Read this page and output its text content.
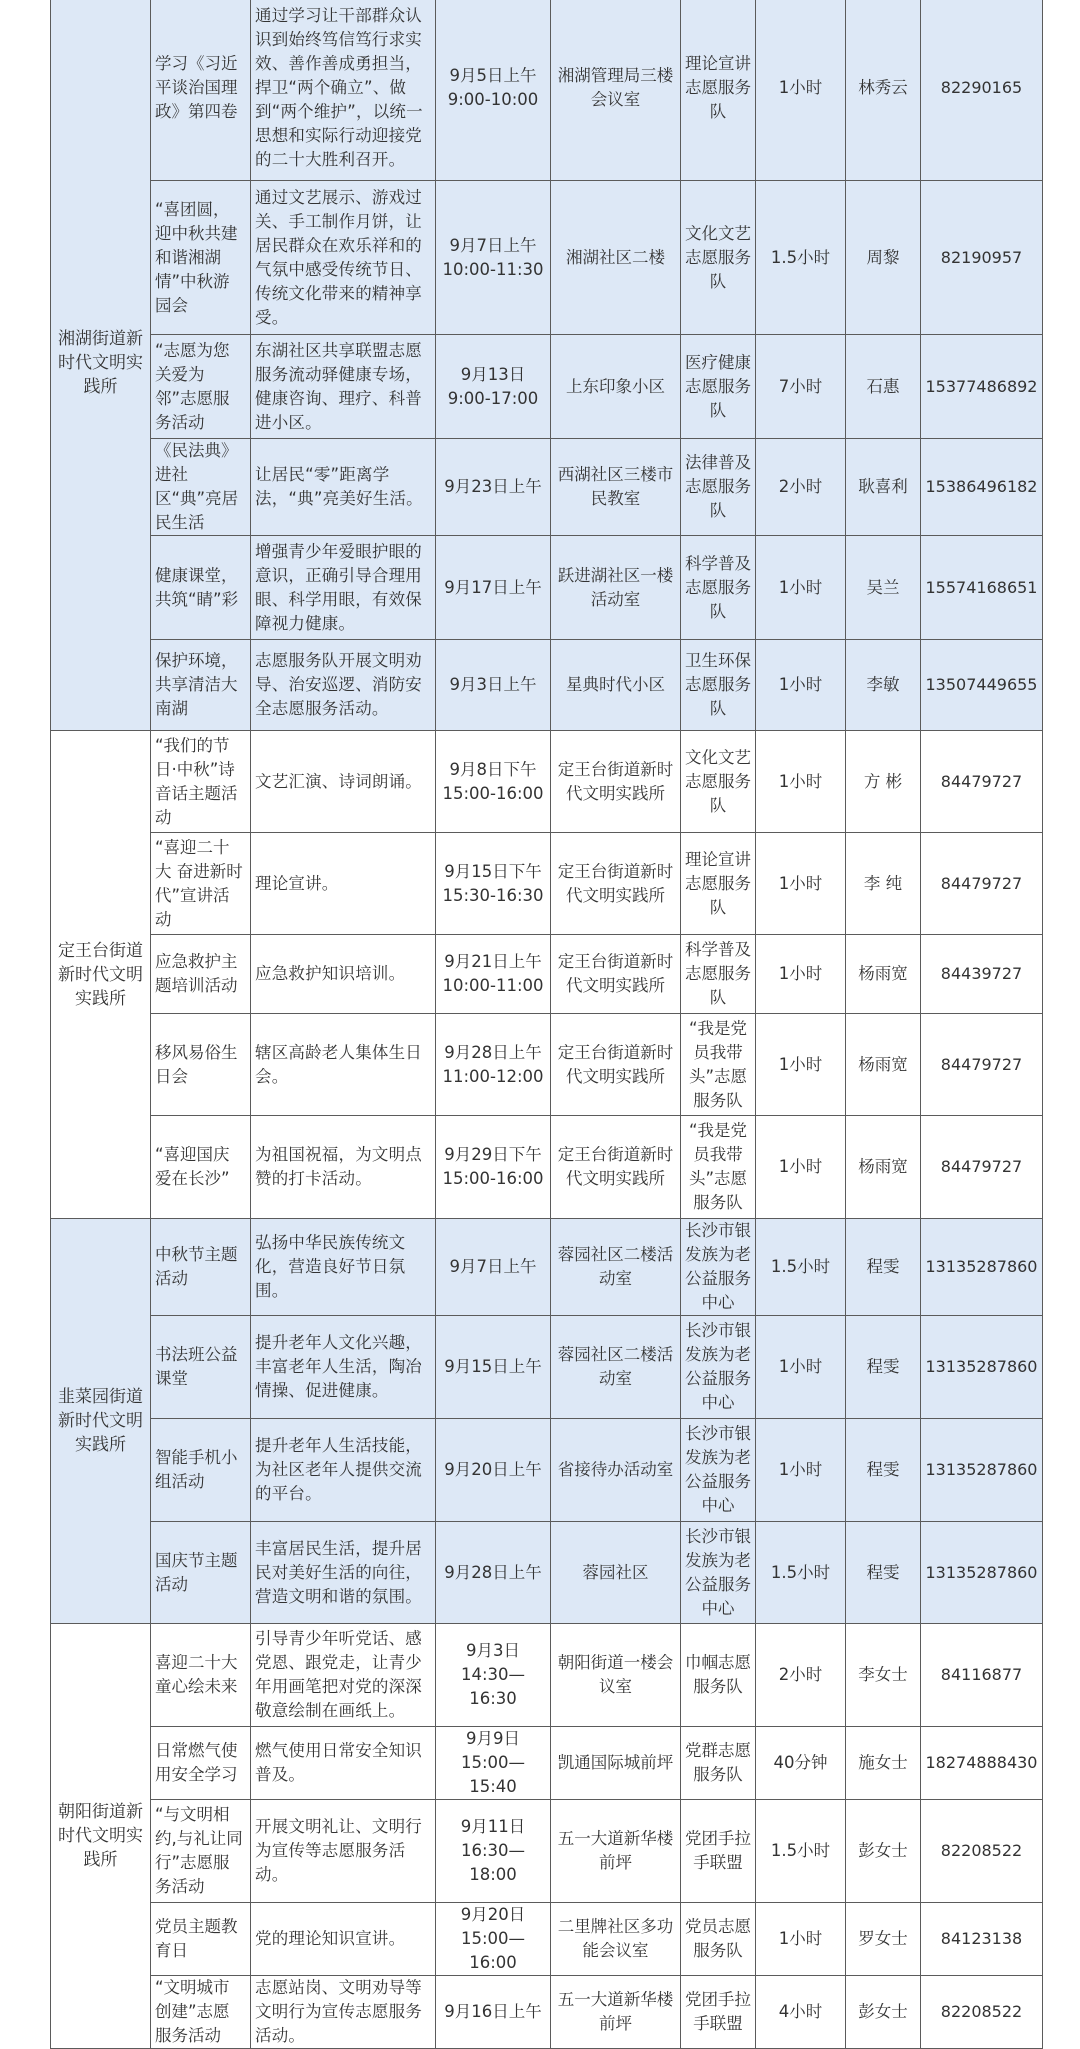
湘湖街道新时代文明实践所	学习《习近平谈治国理政》第四卷	通过学习让干部群众认识到始终笃信笃行求实效、善作善成勇担当，捍卫“两个确立”、做到“两个维护”，以统一思想和实际行动迎接党的二十大胜利召开。	9月5日上午 9:00-10:00	湘湖管理局三楼会议室	理论宣讲志愿服务队	1小时	林秀云	82290165
	“喜团圆，迎中秋共建和谐湘湖情”中秋游园会	通过文艺展示、游戏过关、手工制作月饼，让居民群众在欢乐祥和的气氛中感受传统节日、传统文化带来的精神享受。	9月7日上午 10:00-11:30	湘湖社区二楼	文化文艺志愿服务队	1.5小时	周黎	82190957
	“志愿为您 关爱为邻”志愿服务活动	东湖社区共享联盟志愿服务流动驿健康专场，健康咨询、理疗、科普进小区。	9月13日 9:00-17:00	上东印象小区	医疗健康志愿服务队	7小时	石惠	15377486892
	《民法典》进社区“典”亮居民生活	让居民“零”距离学法，“典”亮美好生活。	9月23日上午	西湖社区三楼市民教室	法律普及志愿服务队	2小时	耿喜利	15386496182
	健康课堂，共筑“睛”彩	增强青少年爱眼护眼的意识，正确引导合理用眼、科学用眼，有效保障视力健康。	9月17日上午	跃进湖社区一楼活动室	科学普及志愿服务队	1小时	吴兰	15574168651
	保护环境，共享清洁大南湖	志愿服务队开展文明劝导、治安巡逻、消防安全志愿服务活动。	9月3日上午	星典时代小区	卫生环保志愿服务队	1小时	李敏	13507449655
定王台街道新时代文明实践所	“我们的节日·中秋”诗音话主题活动	文艺汇演、诗词朗诵。	9月8日下午 15:00-16:00	定王台街道新时代文明实践所	文化文艺志愿服务队	1小时	方 彬	84479727
	“喜迎二十大 奋进新时代”宣讲活动	理论宣讲。	9月15日下午 15:30-16:30	定王台街道新时代文明实践所	理论宣讲志愿服务队	1小时	李 纯	84479727
	应急救护主题培训活动	应急救护知识培训。	9月21日上午 10:00-11:00	定王台街道新时代文明实践所	科学普及志愿服务队	1小时	杨雨宽	84439727
	移风易俗生日会	辖区高龄老人集体生日会。	9月28日上午 11:00-12:00	定王台街道新时代文明实践所	“我是党员我带头”志愿服务队	1小时	杨雨宽	84479727
	“喜迎国庆 爱在长沙”	为祖国祝福，为文明点赞的打卡活动。	9月29日下午 15:00-16:00	定王台街道新时代文明实践所	“我是党员我带头”志愿服务队	1小时	杨雨宽	84479727
韭菜园街道新时代文明实践所	中秋节主题活动	弘扬中华民族传统文化，营造良好节日氛围。	9月7日上午	蓉园社区二楼活动室	长沙市银发族为老公益服务中心	1.5小时	程雯	13135287860
	书法班公益课堂	提升老年人文化兴趣，丰富老年人生活，陶冶情操、促进健康。	9月15日上午	蓉园社区二楼活动室	长沙市银发族为老公益服务中心	1小时	程雯	13135287860
	智能手机小组活动	提升老年人生活技能，为社区老年人提供交流的平台。	9月20日上午	省接待办活动室	长沙市银发族为老公益服务中心	1小时	程雯	13135287860
	国庆节主题活动	丰富居民生活，提升居民对美好生活的向往，营造文明和谐的氛围。	9月28日上午	蓉园社区	长沙市银发族为老公益服务中心	1.5小时	程雯	13135287860
朝阳街道新时代文明实践所	喜迎二十大童心绘未来	引导青少年听党话、感党恩、跟党走，让青少年用画笔把对党的深深敬意绘制在画纸上。	9月3日 14:30—16:30	朝阳街道一楼会议室	巾帼志愿服务队	2小时	李女士	84116877
	日常燃气使用安全学习	燃气使用日常安全知识普及。	9月9日 15:00—15:40	凯通国际城前坪	党群志愿服务队	40分钟	施女士	18274888430
	“与文明相约,与礼让同行”志愿服务活动	开展文明礼让、文明行为宣传等志愿服务活动。	9月11日 16:30—18:00	五一大道新华楼前坪	党团手拉手联盟	1.5小时	彭女士	82208522
	党员主题教育日	党的理论知识宣讲。	9月20日 15:00—16:00	二里牌社区多功能会议室	党员志愿服务队	1小时	罗女士	84123138
	“文明城市创建”志愿服务活动	志愿站岗、文明劝导等文明行为宣传志愿服务活动。	9月16日上午	五一大道新华楼前坪	党团手拉手联盟	4小时	彭女士	82208522
